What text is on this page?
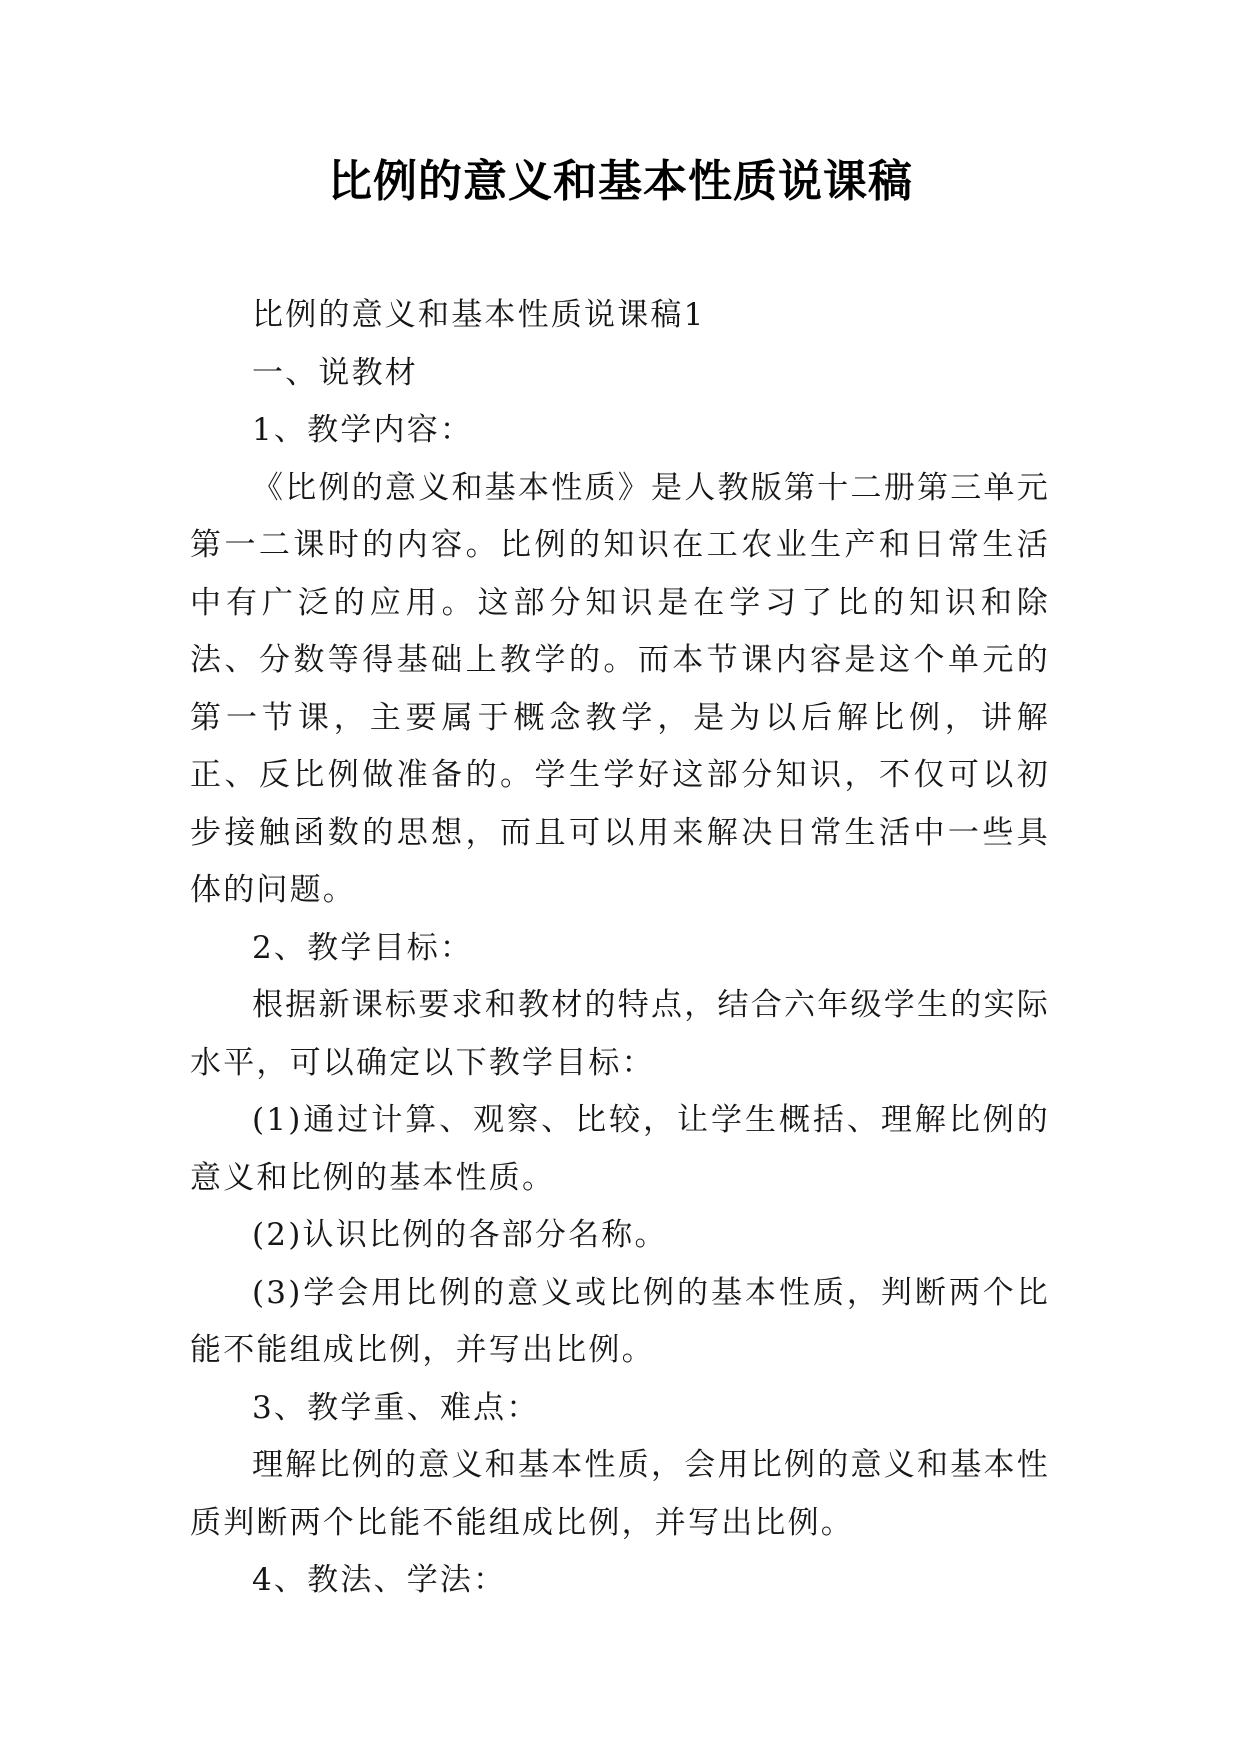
比例的意义和基本性质说课稿

比例的意义和基本性质说课稿1

一、说教材

1、教学内容：

《比例的意义和基本性质》是人教版第十二册第三单元第一二课时的内容。比例的知识在工农业生产和日常生活中有广泛的应用。这部分知识是在学习了比的知识和除法、分数等得基础上教学的。而本节课内容是这个单元的第一节课，主要属于概念教学，是为以后解比例，讲解正、反比例做准备的。学生学好这部分知识，不仅可以初步接触函数的思想，而且可以用来解决日常生活中一些具体的问题。

2、教学目标：

根据新课标要求和教材的特点，结合六年级学生的实际水平，可以确定以下教学目标：

(1)通过计算、观察、比较，让学生概括、理解比例的意义和比例的基本性质。

(2)认识比例的各部分名称。

(3)学会用比例的意义或比例的基本性质，判断两个比能不能组成比例，并写出比例。

3、教学重、难点：

理解比例的意义和基本性质，会用比例的意义和基本性质判断两个比能不能组成比例，并写出比例。

4、教法、学法：
